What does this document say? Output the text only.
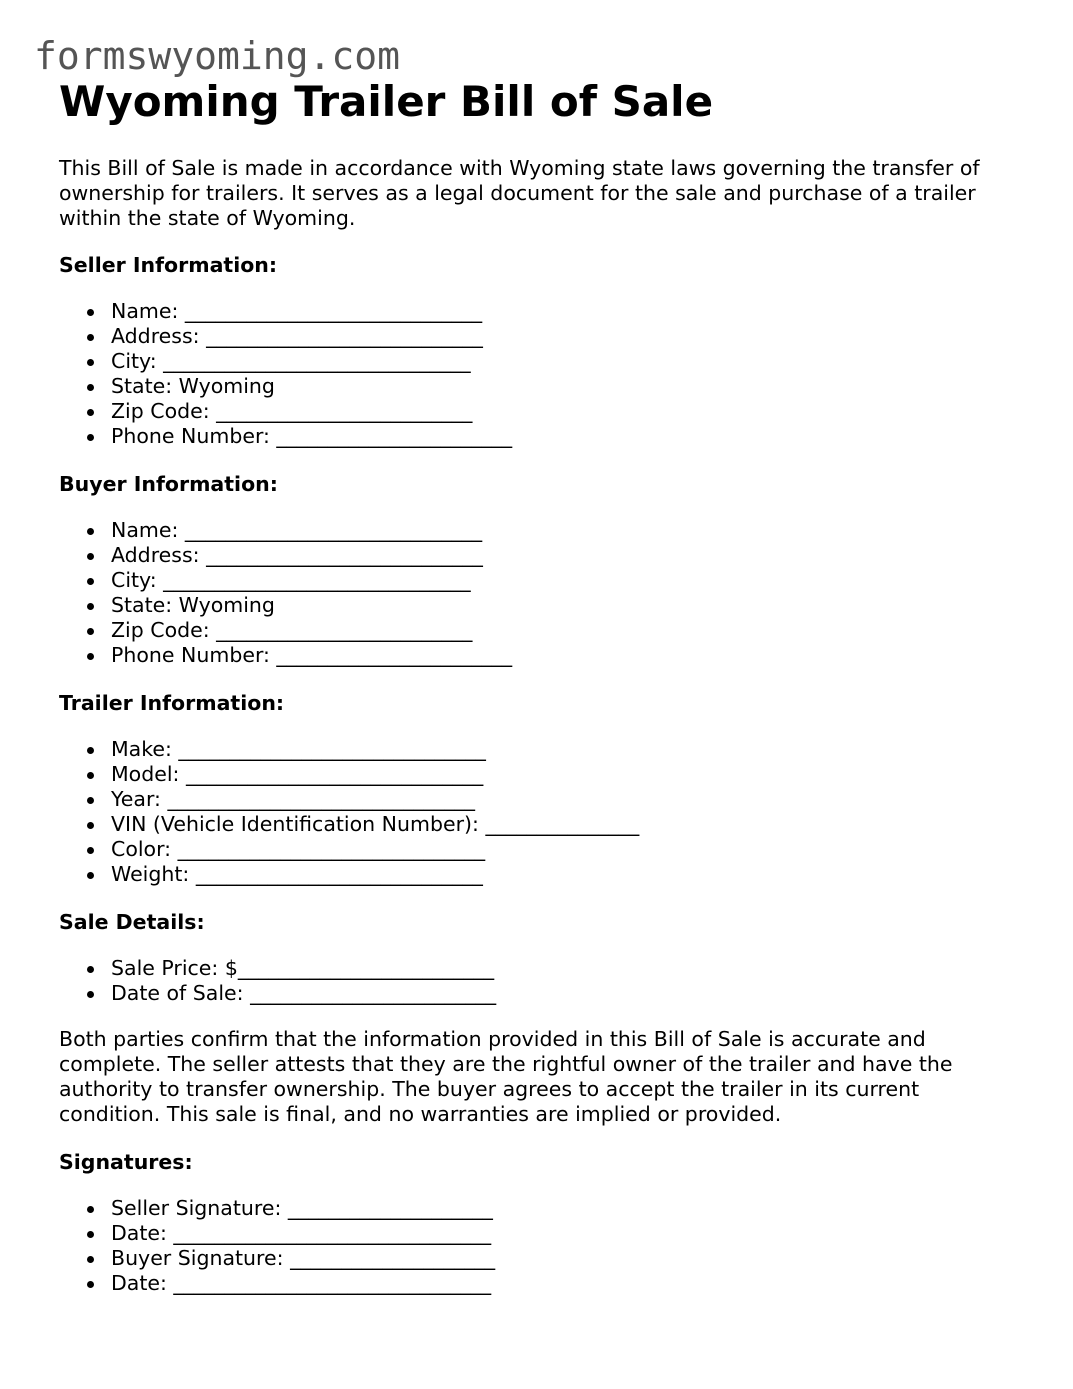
formswyoming.com
Wyoming Trailer Bill of Sale

This Bill of Sale is made in accordance with Wyoming state laws governing the transfer of ownership for trailers. It serves as a legal document for the sale and purchase of a trailer within the state of Wyoming.

Seller Information:
Name: _____________________________
Address: ___________________________
City: ______________________________
State: Wyoming
Zip Code: _________________________
Phone Number: _______________________
Buyer Information:
Name: _____________________________
Address: ___________________________
City: ______________________________
State: Wyoming
Zip Code: _________________________
Phone Number: _______________________
Trailer Information:
Make: ______________________________
Model: _____________________________
Year: ______________________________
VIN (Vehicle Identification Number): _______________
Color: ______________________________
Weight: ____________________________
Sale Details:
Sale Price: $_________________________
Date of Sale: ________________________

Both parties confirm that the information provided in this Bill of Sale is accurate and complete. The seller attests that they are the rightful owner of the trailer and have the authority to transfer ownership. The buyer agrees to accept the trailer in its current condition. This sale is final, and no warranties are implied or provided.

Signatures:
Seller Signature: ____________________
Date: _______________________________
Buyer Signature: ____________________
Date: _______________________________
